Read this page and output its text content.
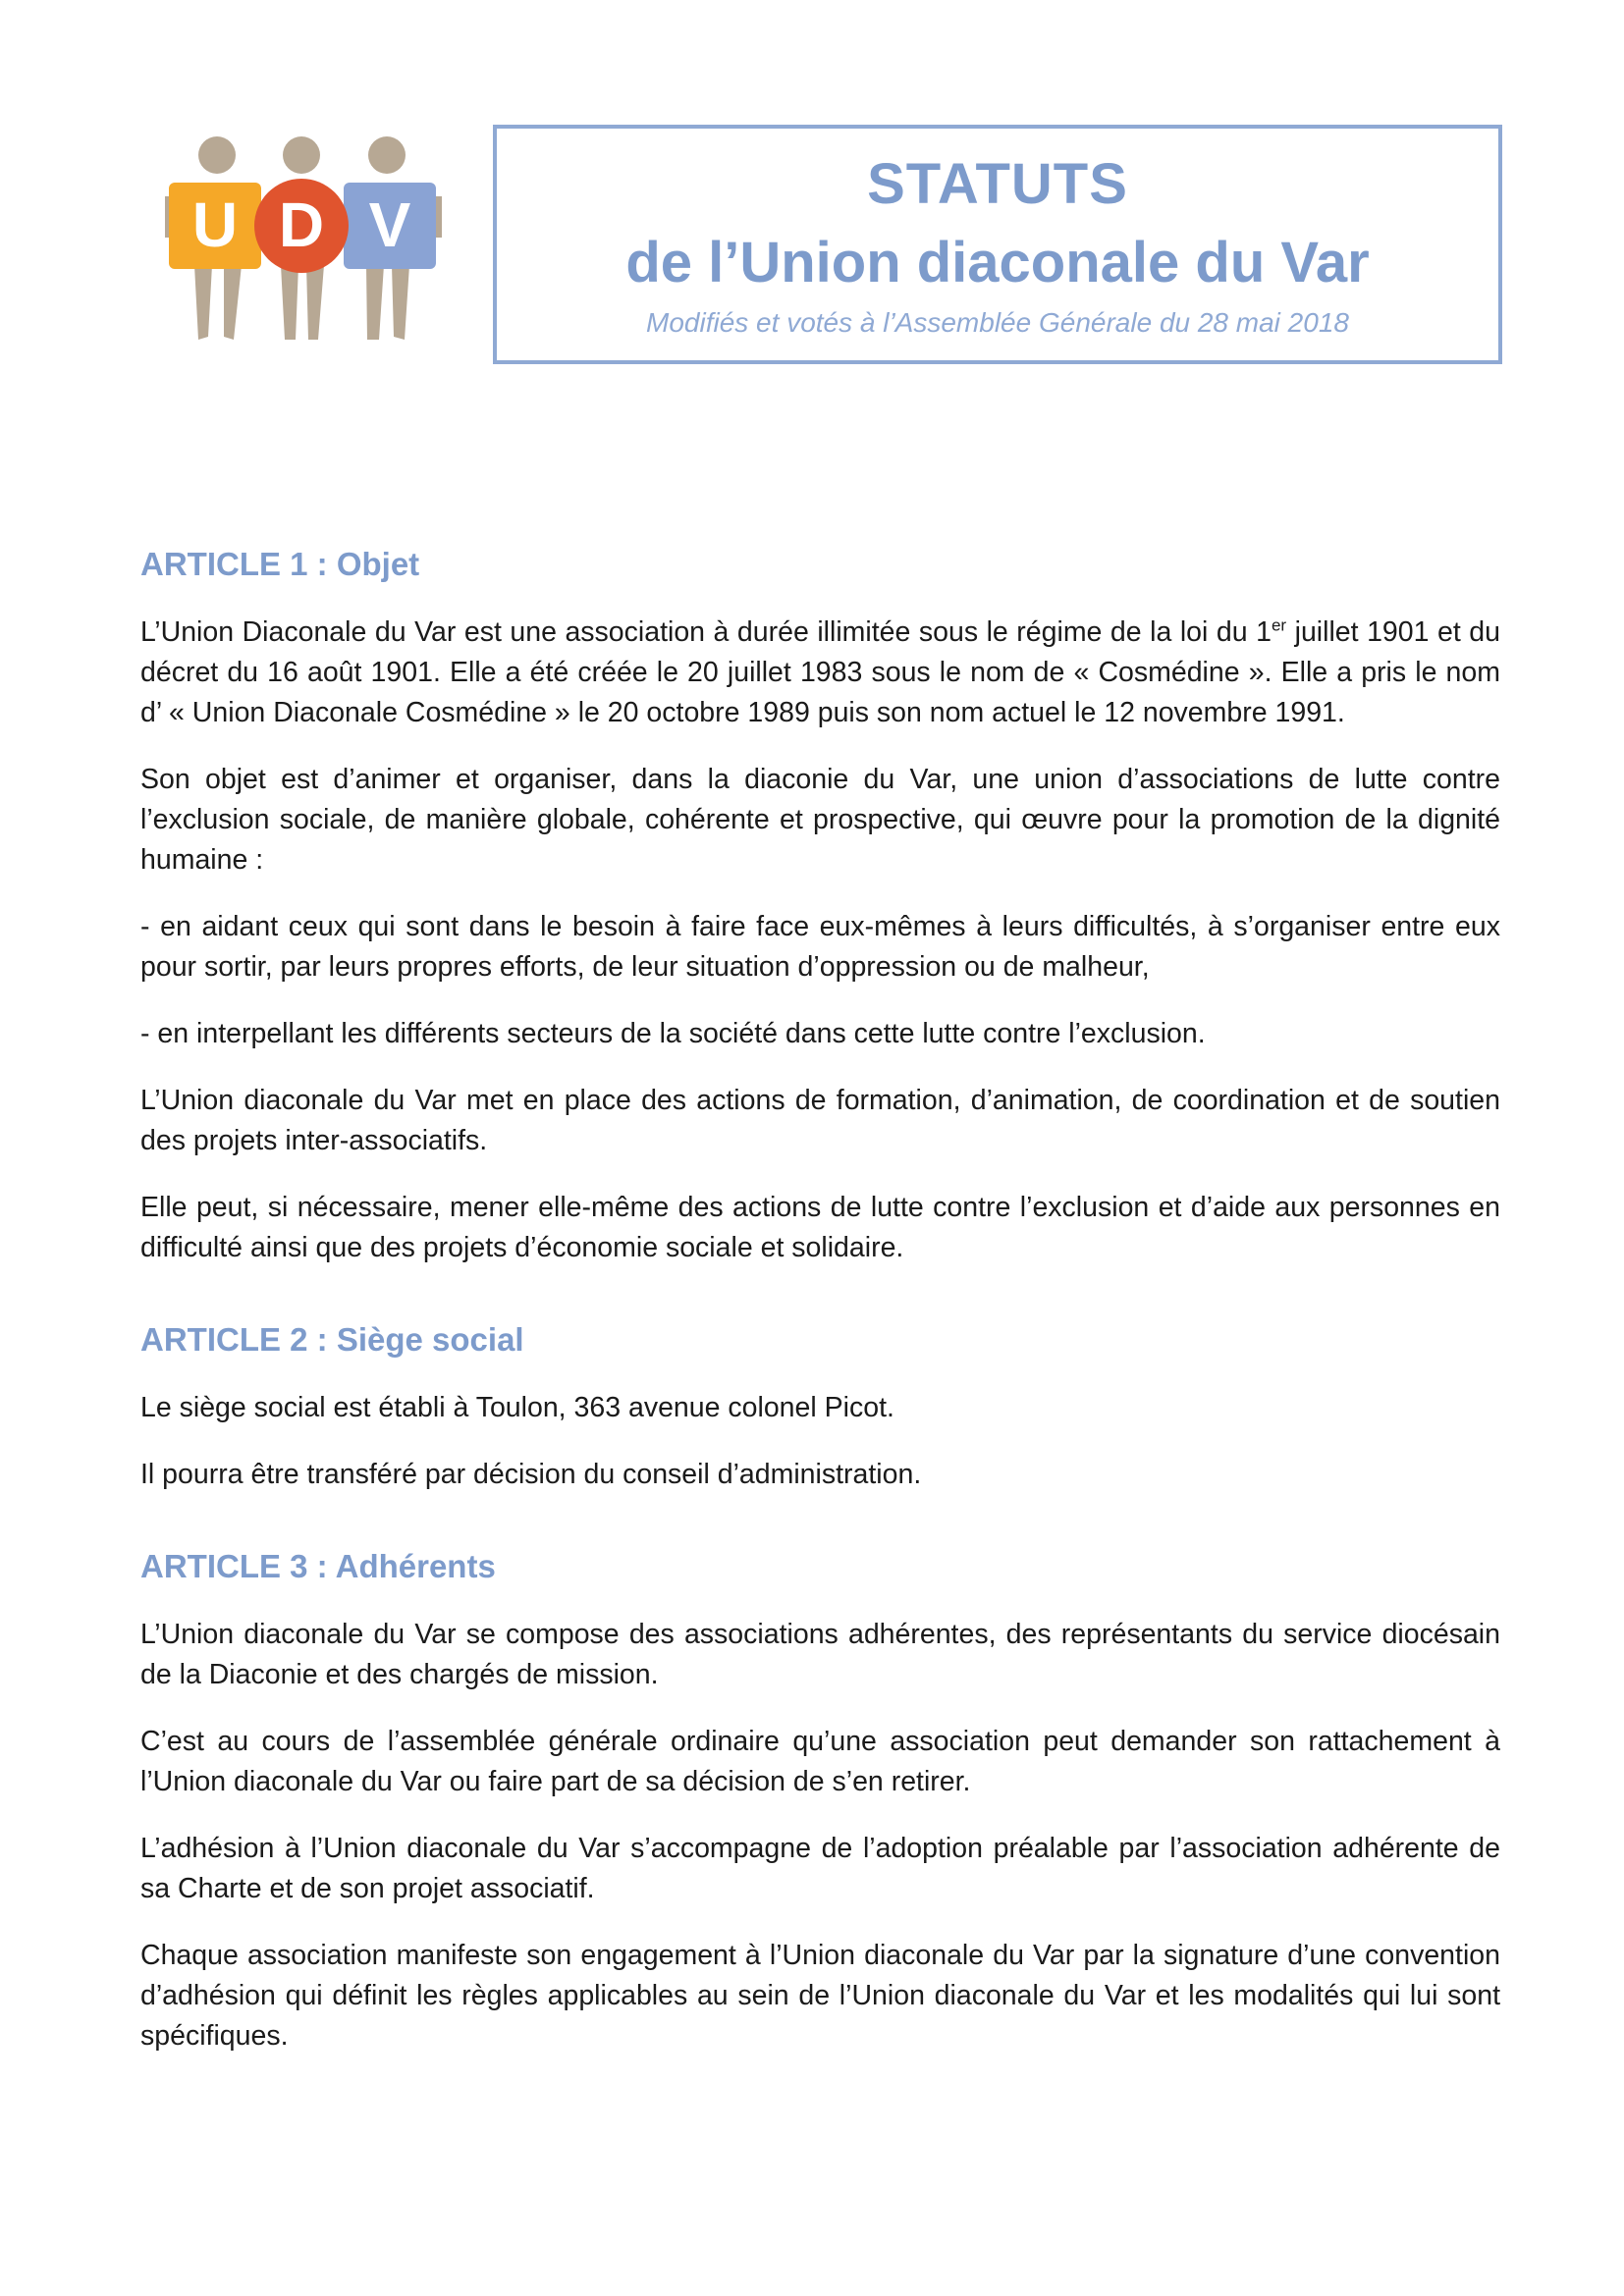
U D V
STATUTS
de l’Union diaconale du Var
Modifiés et votés à l’Assemblée Générale du 28 mai 2018
ARTICLE 1 : Objet

L’Union Diaconale du Var est une association à durée illimitée sous le régime de la loi du 1er juillet 1901 et du décret du 16 août 1901. Elle a été créée le 20 juillet 1983 sous le nom de « Cosmédine ». Elle a pris le nom d’ « Union Diaconale Cosmédine » le 20 octobre 1989 puis son nom actuel le 12 novembre 1991.

Son objet est d’animer et organiser, dans la diaconie du Var, une union d’associations de lutte contre l’exclusion sociale, de manière globale, cohérente et prospective, qui œuvre pour la promotion de la dignité humaine :

- en aidant ceux qui sont dans le besoin à faire face eux-mêmes à leurs difficultés, à s’organiser entre eux pour sortir, par leurs propres efforts, de leur situation d’oppression ou de malheur,

- en interpellant les différents secteurs de la société dans cette lutte contre l’exclusion.

L’Union diaconale du Var met en place des actions de formation, d’animation, de coordination et de soutien des projets inter-associatifs.

Elle peut, si nécessaire, mener elle-même des actions de lutte contre l’exclusion et d’aide aux personnes en difficulté ainsi que des projets d’économie sociale et solidaire.

ARTICLE 2 : Siège social

Le siège social est établi à Toulon, 363 avenue colonel Picot.

Il pourra être transféré par décision du conseil d’administration.

ARTICLE 3 : Adhérents

L’Union diaconale du Var se compose des associations adhérentes, des représentants du service diocésain de la Diaconie et des chargés de mission.

C’est au cours de l’assemblée générale ordinaire qu’une association peut demander son rattachement à l’Union diaconale du Var ou faire part de sa décision de s’en retirer.

L’adhésion à l’Union diaconale du Var s’accompagne de l’adoption préalable par l’association adhérente de sa Charte et de son projet associatif.

Chaque association manifeste son engagement à l’Union diaconale du Var par la signature d’une convention d’adhésion qui définit les règles applicables au sein de l’Union diaconale du Var et les modalités qui lui sont spécifiques.
